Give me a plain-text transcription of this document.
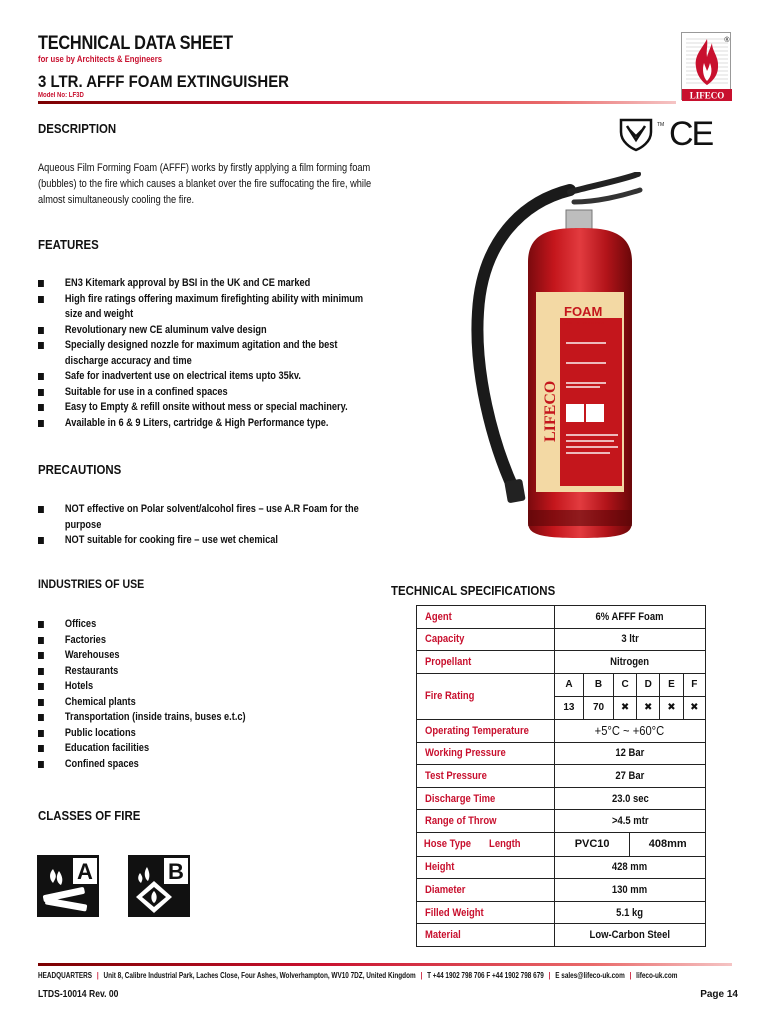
TECHNICAL DATA SHEET
for use by Architects & Engineers
3 LTR. AFFF FOAM EXTINGUISHER
Model No: LF3D
®
LIFECO
DESCRIPTION
Aqueous Film Forming Foam (AFFF) works by firstly applying a film forming foam (bubbles) to the fire which causes a blanket over the fire suffocating the fire, while almost simultaneously cooling the fire.
TM CE
FEATURES
EN3 Kitemark approval by BSI in the UK and CE marked
High fire ratings offering maximum firefighting ability with minimum size and weight
Revolutionary new CE aluminum valve design
Specially designed nozzle for maximum agitation and the best discharge accuracy and time
Safe for inadvertent use on electrical items upto 35kv.
Suitable for use in a confined spaces
Easy to Empty & refill onsite without mess or special machinery.
Available in 6 & 9 Liters, cartridge & High Performance type.
PRECAUTIONS
NOT effective on Polar solvent/alcohol fires – use A.R Foam for the purpose
NOT suitable for cooking fire – use wet chemical
INDUSTRIES OF USE
Offices
Factories
Warehouses
Restaurants
Hotels
Chemical plants
Transportation (inside trains, buses e.t.c)
Public locations
Education facilities
Confined spaces
CLASSES OF FIRE
A	B
FOAM
FIRE EXTINGUISHER
LIFECO
TECHNICAL SPECIFICATIONS
Agent	6% AFFF Foam
Capacity	3 ltr
Propellant	Nitrogen
Fire Rating	
A	B	C	D	E	F
13	70	✖	✖	✖	✖

Operating Temperature	+5°C ~ +60°C
Working Pressure	12 Bar
Test Pressure	27 Bar
Discharge Time	23.0 sec
Range of Throw	>4.5 mtr

Hose Type	Length	PVC10	408mm

Height	428 mm
Diameter	130 mm
Filled Weight	5.1 kg
Material	Low-Carbon Steel
HEADQUARTERS | Unit 8, Calibre Industrial Park, Laches Close, Four Ashes, Wolverhampton, WV10 7DZ, United Kingdom | T +44 1902 798 706 F +44 1902 798 679 | E sales@lifeco-uk.com | lifeco-uk.com
LTDS-10014 Rev. 00	Page 14
